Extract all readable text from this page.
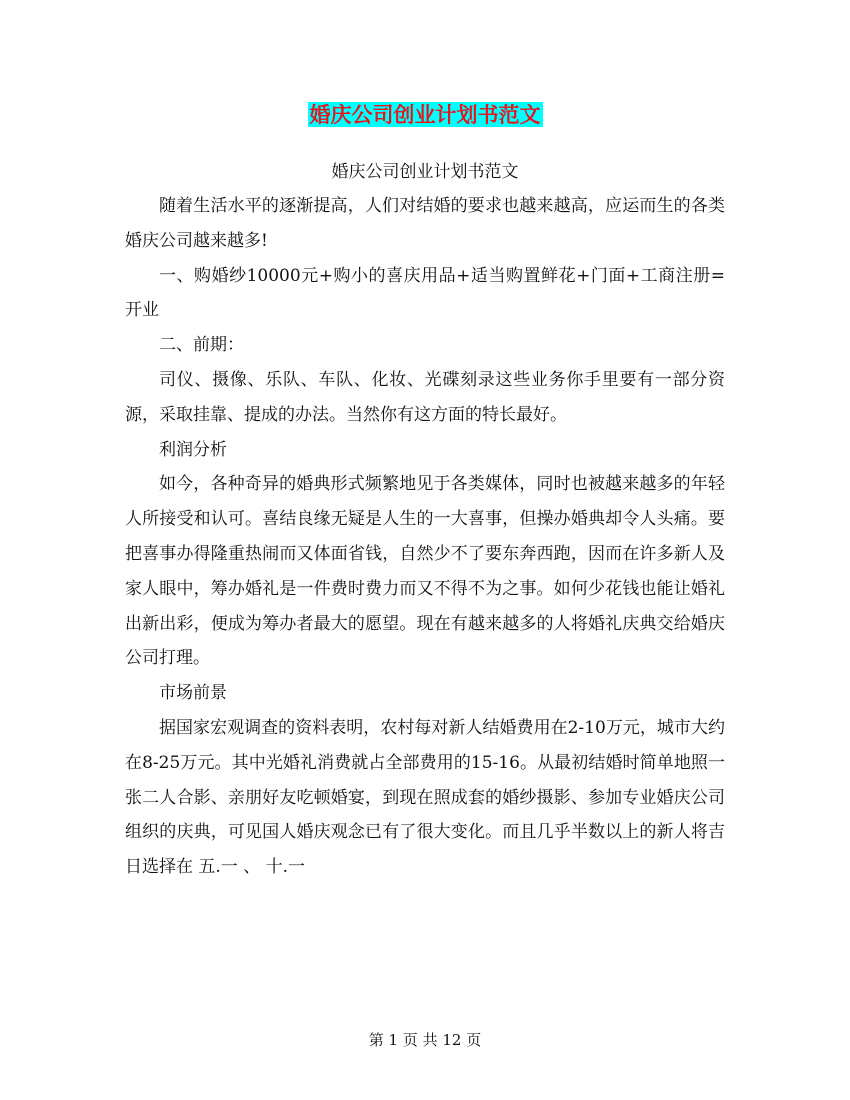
婚庆公司创业计划书范文

婚庆公司创业计划书范文

随着生活水平的逐渐提高，人们对结婚的要求也越来越高，应运而生的各类婚庆公司越来越多!

一、购婚纱10000元+购小的喜庆用品+适当购置鲜花+门面+工商注册=开业

二、前期：

司仪、摄像、乐队、车队、化妆、光碟刻录这些业务你手里要有一部分资源，采取挂靠、提成的办法。当然你有这方面的特长最好。

利润分析

如今，各种奇异的婚典形式频繁地见于各类媒体，同时也被越来越多的年轻人所接受和认可。喜结良缘无疑是人生的一大喜事，但操办婚典却令人头痛。要把喜事办得隆重热闹而又体面省钱，自然少不了要东奔西跑，因而在许多新人及家人眼中，筹办婚礼是一件费时费力而又不得不为之事。如何少花钱也能让婚礼出新出彩，便成为筹办者最大的愿望。现在有越来越多的人将婚礼庆典交给婚庆公司打理。

市场前景

据国家宏观调查的资料表明，农村每对新人结婚费用在2-10万元，城市大约在8-25万元。其中光婚礼消费就占全部费用的15-16。从最初结婚时简单地照一张二人合影、亲朋好友吃顿婚宴，到现在照成套的婚纱摄影、参加专业婚庆公司组织的庆典，可见国人婚庆观念已有了很大变化。而且几乎半数以上的新人将吉日选择在 五.一 、 十.一

第 1 页 共 12 页
